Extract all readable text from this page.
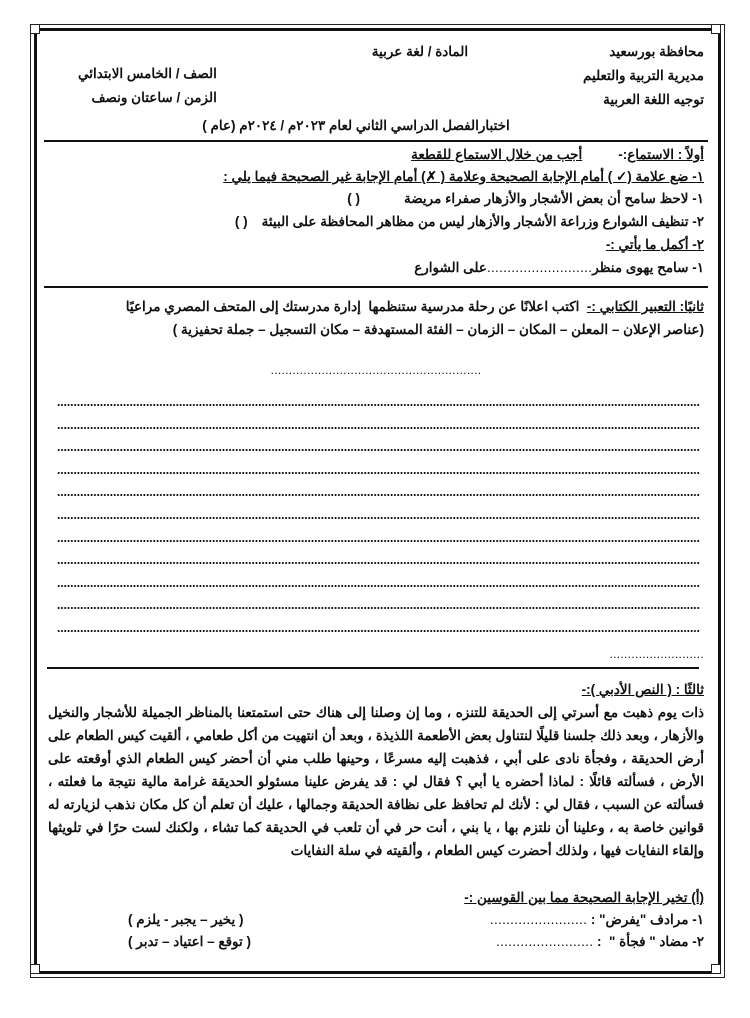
محافظة بورسعيد
مديرية التربية والتعليم
توجيه اللغة العربية
المادة / لغة عربية
الصف / الخامس الابتدائي
الزمن / ساعتان ونصف
اختبارالفصل الدراسي الثاني لعام ٢٠٢٣م / ٢٠٢٤م (عام )
أولاً : الاستماع
:-
أجب من خلال الاستماع للقطعة
١- ضع علامة (✓ ) أمام الإجابة الصحيحة وعلامة ( ✗) أمام الإجابة غير الصحيحة فيما يلي :
١- لاحظ سامح أن بعض الأشجار والأزهار صفراء مريضة
( )
٢- تنظيف الشوارع وزراعة الأشجار والأزهار ليس من مظاهر المحافظة على البيئة
( )
٢- أكمل ما يأتي :-
١- سامح يهوى منظر
..........................
على الشوارع
ثانيًا: التعبير الكتابي :-
اكتب اعلانًا عن رحلة مدرسية ستنظمها  إدارة مدرستك إلى المتحف المصري مراعيًا
(عناصر الإعلان – المعلن – المكان – الزمان – الفئة المستهدفة – مكان التسجيل – جملة تحفيزية )
..........................................................
..........................
ثالثًا : ( النص الأدبي ):-
ذات يوم ذهبت مع أسرتي إلى الحديقة للتنزه ، وما إن وصلنا إلى هناك حتى استمتعنا بالمناظر الجميلة للأشجار والنخيل والأزهار ، وبعد ذلك جلسنا قليلًا لنتناول بعض الأطعمة اللذيذة ، وبعد أن انتهيت من أكل طعامي ، ألقيت كيس الطعام على أرض الحديقة ، وفجأة نادى على أبي ، فذهبت إليه مسرعًا ، وحينها طلب مني أن أحضر كيس الطعام الذي أوقعته على الأرض ، فسألته قائلًا : لماذا أحضره يا أبي ؟ فقال لي : قد يفرض علينا مسئولو الحديقة غرامة مالية نتيجة ما فعلته ، فسألته عن السبب ، فقال لي : لأنك لم تحافظ على نظافة الحديقة وجمالها ، عليك أن تعلم أن كل مكان نذهب لزيارته له قوانين خاصة به ، وعلينا أن نلتزم بها ، يا بني ، أنت حر في أن تلعب في الحديقة كما تشاء ، ولكنك لست حرًا في تلويثها وإلقاء النفايات فيها ، ولذلك أحضرت كيس الطعام ، وألقيته في سلة النفايات
(أ) تخير الإجابة الصحيحة مما بين القوسين :-
١- مرادف "يفرض" :
........................
( يخير – يجبر - يلزم )
٢- مضاد " فجأة "  :
........................
( توقع – اعتياد – تدبر )
